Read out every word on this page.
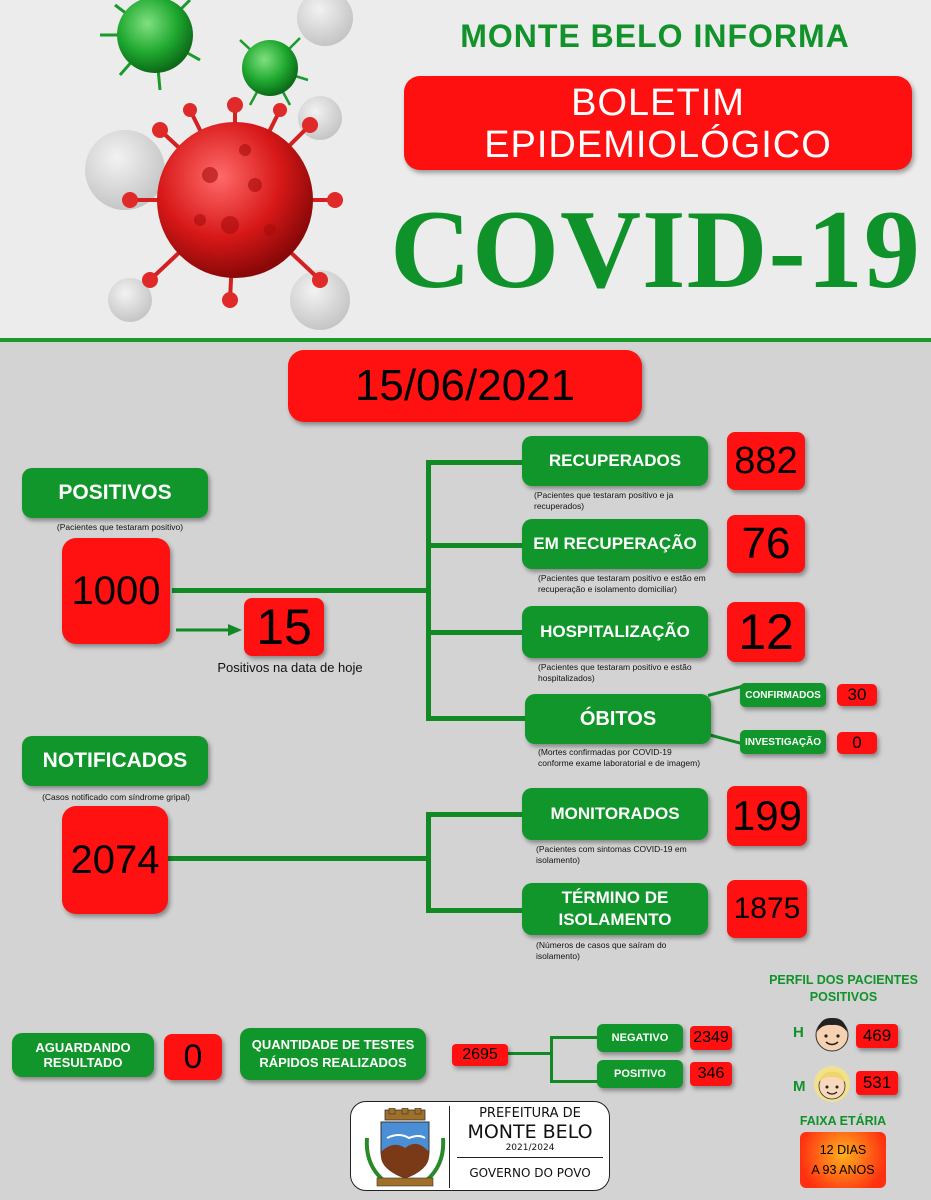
MONTE BELO INFORMA
BOLETIM
EPIDEMIOLÓGICO
COVID-19
15/06/2021
POSITIVOS
(Pacientes que testaram positivo)
1000
15
Positivos na data de hoje
RECUPERADOS
(Pacientes que testaram positivo e ja recuperados)
882
EM RECUPERAÇÃO
(Pacientes que testaram positivo e estão em recuperação e isolamento domiciliar)
76
HOSPITALIZAÇÃO
(Pacientes que testaram positivo e estão hospitalizados)
12
ÓBITOS
(Mortes confirmadas por COVID-19 conforme exame laboratorial e de imagem)
CONFIRMADOS 30
INVESTIGAÇÃO 0
NOTIFICADOS
(Casos notificado com síndrome gripal)
2074
MONITORADOS
(Pacientes com sintomas COVID-19 em isolamento)
199
TÉRMINO DE
ISOLAMENTO
(Números de casos que saíram do isolamento)
1875
AGUARDANDO
RESULTADO 0	QUANTIDADE DE TESTES
RÁPIDOS REALIZADOS	2695
NEGATIVO 2349
POSITIVO 346
PERFIL DOS PACIENTES
POSITIVOS
H	469
M	531
FAIXA ETÁRIA
12 DIAS
A 93 ANOS
PREFEITURA DE
MONTE BELO
2021/2024
GOVERNO DO POVO
